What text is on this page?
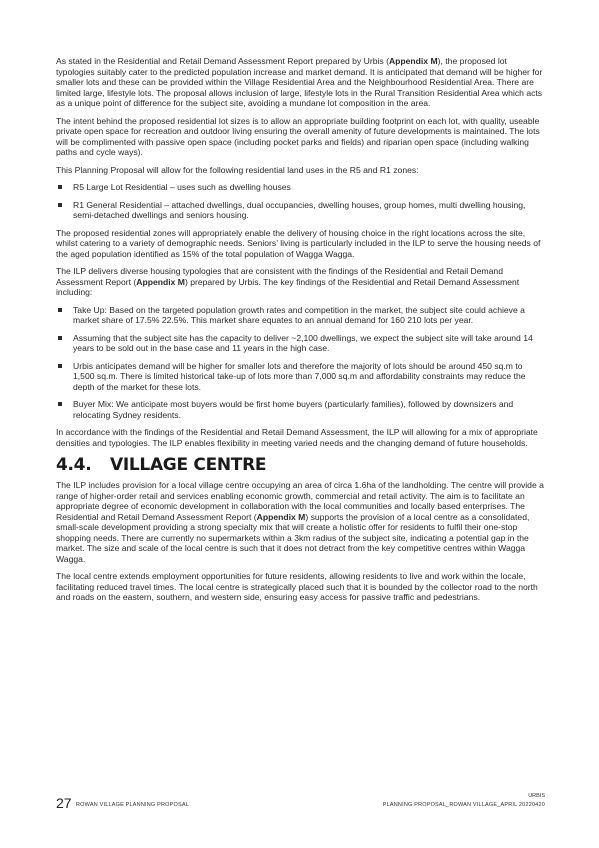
As stated in the Residential and Retail Demand Assessment Report prepared by Urbis (Appendix M), the proposed lot typologies suitably cater to the predicted population increase and market demand. It is anticipated that demand will be higher for smaller lots and these can be provided within the Village Residential Area and the Neighbourhood Residential Area. There are limited large, lifestyle lots. The proposal allows inclusion of large, lifestyle lots in the Rural Transition Residential Area which acts as a unique point of difference for the subject site, avoiding a mundane lot composition in the area.

The intent behind the proposed residential lot sizes is to allow an appropriate building footprint on each lot, with quality, useable private open space for recreation and outdoor living ensuring the overall amenity of future developments is maintained. The lots will be complimented with passive open space (including pocket parks and fields) and riparian open space (including walking paths and cycle ways).

This Planning Proposal will allow for the following residential land uses in the R5 and R1 zones:

R5 Large Lot Residential – uses such as dwelling houses
R1 General Residential – attached dwellings, dual occupancies, dwelling houses, group homes, multi dwelling housing, semi-detached dwellings and seniors housing.

The proposed residential zones will appropriately enable the delivery of housing choice in the right locations across the site, whilst catering to a variety of demographic needs. Seniors’ living is particularly included in the ILP to serve the housing needs of the aged population identified as 15% of the total population of Wagga Wagga.

The ILP delivers diverse housing typologies that are consistent with the findings of the Residential and Retail Demand Assessment Report (Appendix M) prepared by Urbis. The key findings of the Residential and Retail Demand Assessment including:

Take Up: Based on the targeted population growth rates and competition in the market, the subject site could achieve a market share of 17.5% 22.5%. This market share equates to an annual demand for 160 210 lots per year.
Assuming that the subject site has the capacity to deliver ~2,100 dwellings, we expect the subject site will take around 14 years to be sold out in the base case and 11 years in the high case.
Urbis anticipates demand will be higher for smaller lots and therefore the majority of lots should be around 450 sq.m to 1,500 sq.m. There is limited historical take-up of lots more than 7,000 sq.m and affordability constraints may reduce the depth of the market for these lots.
Buyer Mix: We anticipate most buyers would be first home buyers (particularly families), followed by downsizers and relocating Sydney residents.

In accordance with the findings of the Residential and Retail Demand Assessment, the ILP will allowing for a mix of appropriate densities and typologies. The ILP enables flexibility in meeting varied needs and the changing demand of future households.

4.4. VILLAGE CENTRE

The ILP includes provision for a local village centre occupying an area of circa 1.6ha of the landholding. The centre will provide a range of higher-order retail and services enabling economic growth, commercial and retail activity. The aim is to facilitate an appropriate degree of economic development in collaboration with the local communities and locally based enterprises. The Residential and Retail Demand Assessment Report (Appendix M) supports the provision of a local centre as a consolidated, small-scale development providing a strong specialty mix that will create a holistic offer for residents to fulfil their one-stop shopping needs. There are currently no supermarkets within a 3km radius of the subject site, indicating a potential gap in the market. The size and scale of the local centre is such that it does not detract from the key competitive centres within Wagga Wagga.

The local centre extends employment opportunities for future residents, allowing residents to live and work within the locale, facilitating reduced travel times. The local centre is strategically placed such that it is bounded by the collector road to the north and roads on the eastern, southern, and western side, ensuring easy access for passive traffic and pedestrians.

27 ROWAN VILLAGE PLANNING PROPOSAL
URBIS
PLANNING PROPOSAL_ROWAN VILLAGE_APRIL 20220420
